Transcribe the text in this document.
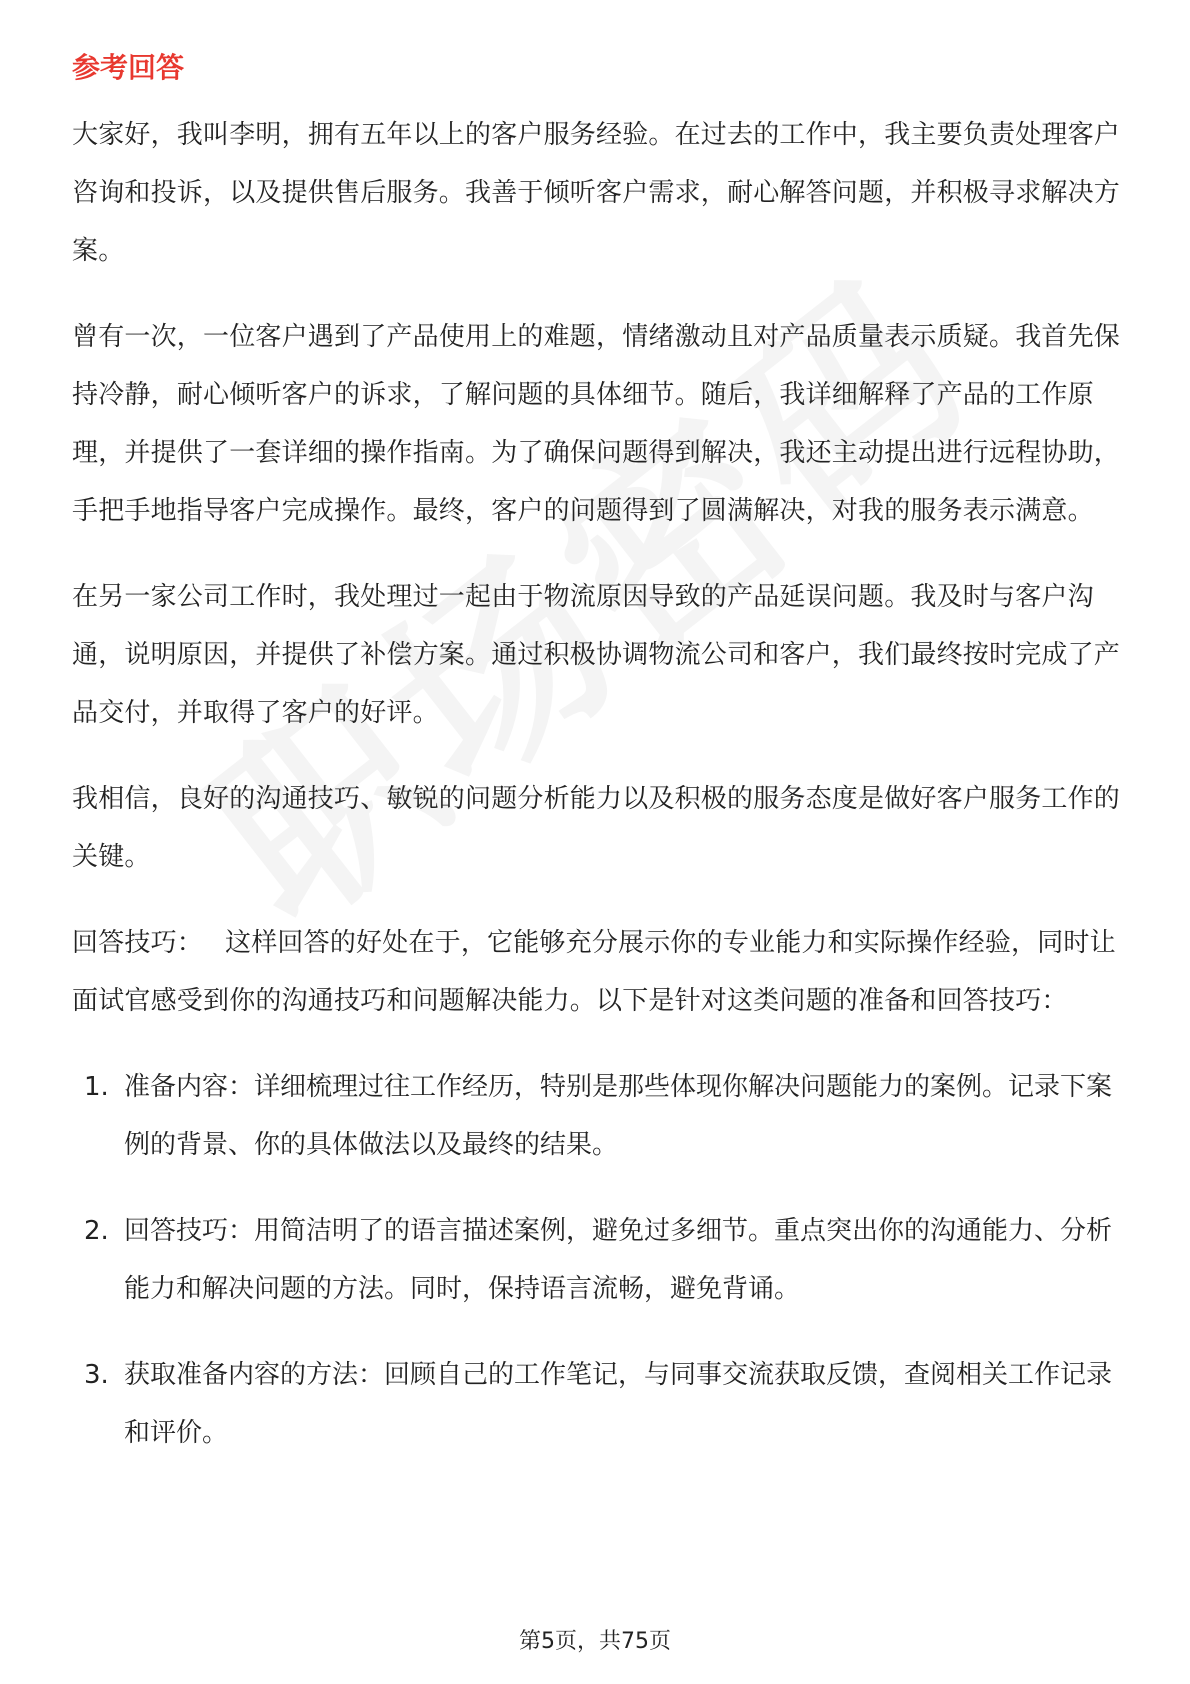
参考回答

大家好，我叫李明，拥有五年以上的客户服务经验。在过去的工作中，我主要负责处理客户咨询和投诉，以及提供售后服务。我善于倾听客户需求，耐心解答问题，并积极寻求解决方案。

曾有一次，一位客户遇到了产品使用上的难题，情绪激动且对产品质量表示质疑。我首先保持冷静，耐心倾听客户的诉求，了解问题的具体细节。随后，我详细解释了产品的工作原理，并提供了一套详细的操作指南。为了确保问题得到解决，我还主动提出进行远程协助，手把手地指导客户完成操作。最终，客户的问题得到了圆满解决，对我的服务表示满意。

在另一家公司工作时，我处理过一起由于物流原因导致的产品延误问题。我及时与客户沟通，说明原因，并提供了补偿方案。通过积极协调物流公司和客户，我们最终按时完成了产品交付，并取得了客户的好评。

我相信，良好的沟通技巧、敏锐的问题分析能力以及积极的服务态度是做好客户服务工作的关键。

回答技巧： 这样回答的好处在于，它能够充分展示你的专业能力和实际操作经验，同时让面试官感受到你的沟通技巧和问题解决能力。以下是针对这类问题的准备和回答技巧：

1. 准备内容：详细梳理过往工作经历，特别是那些体现你解决问题能力的案例。记录下案例的背景、你的具体做法以及最终的结果。
2. 回答技巧：用简洁明了的语言描述案例，避免过多细节。重点突出你的沟通能力、分析能力和解决问题的方法。同时，保持语言流畅，避免背诵。
3. 获取准备内容的方法：回顾自己的工作笔记，与同事交流获取反馈，查阅相关工作记录和评价。
第5页，共75页
